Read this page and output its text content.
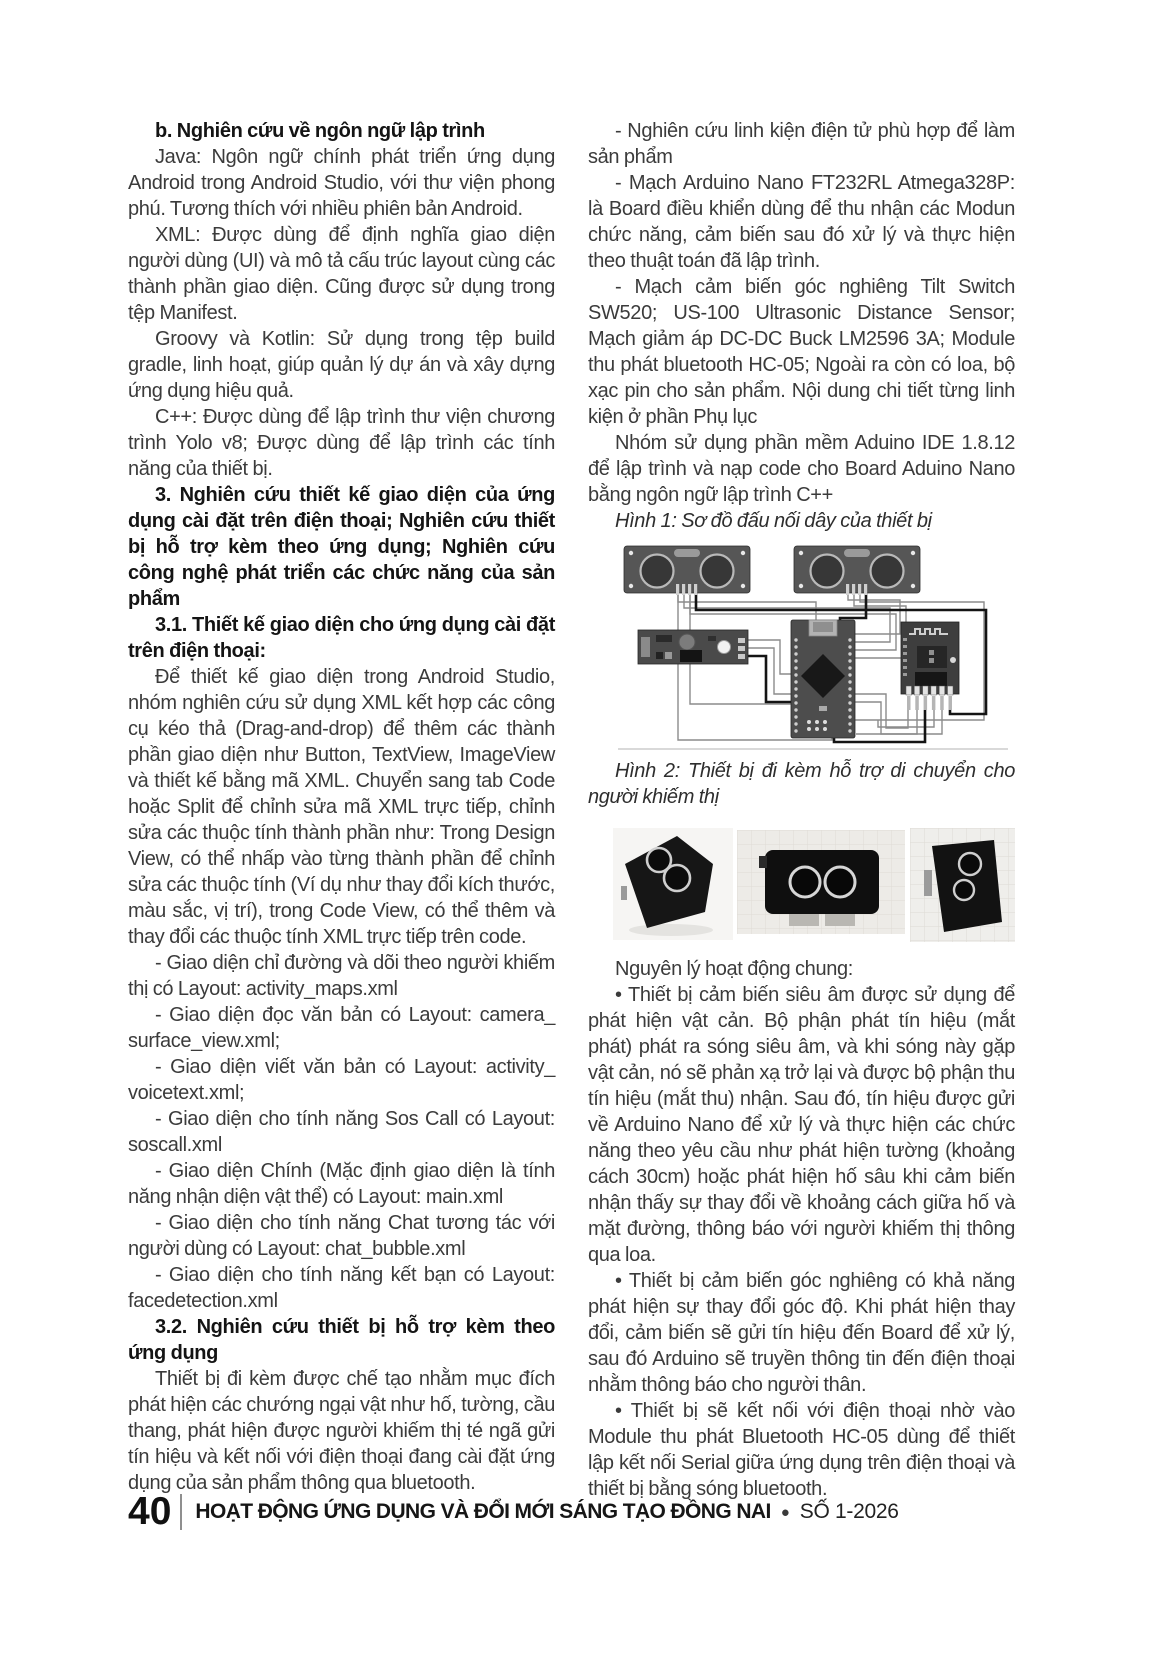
b. Nghiên cứu về ngôn ngữ lập trình

Java: Ngôn ngữ chính phát triển ứng dụng Android trong Android Studio, với thư viện phong phú. Tương thích với nhiều phiên bản Android.

XML: Được dùng để định nghĩa giao diện người dùng (UI) và mô tả cấu trúc layout cùng các thành phần giao diện. Cũng được sử dụng trong tệp Manifest.

Groovy và Kotlin: Sử dụng trong tệp build gradle, linh hoạt, giúp quản lý dự án và xây dựng ứng dụng hiệu quả.

C++: Được dùng để lập trình thư viện chương trình Yolo v8; Được dùng để lập trình các tính năng của thiết bị.

3. Nghiên cứu thiết kế giao diện của ứng dụng cài đặt trên điện thoại; Nghiên cứu thiết bị hỗ trợ kèm theo ứng dụng; Nghiên cứu công nghệ phát triển các chức năng của sản phẩm

3.1. Thiết kế giao diện cho ứng dụng cài đặt trên điện thoại:

Để thiết kế giao diện trong Android Studio, nhóm nghiên cứu sử dụng XML kết hợp các công cụ kéo thả (Drag-and-drop) để thêm các thành phần giao diện như Button, TextView, ImageView và thiết kế bằng mã XML. Chuyển sang tab Code hoặc Split để chỉnh sửa mã XML trực tiếp, chỉnh sửa các thuộc tính thành phần như: Trong Design View, có thể nhấp vào từng thành phần để chỉnh sửa các thuộc tính (Ví dụ như thay đổi kích thước, màu sắc, vị trí), trong Code View, có thể thêm và thay đổi các thuộc tính XML trực tiếp trên code.

- Giao diện chỉ đường và dõi theo người khiếm thị có Layout: activity_maps.xml

- Giao diện đọc văn bản có Layout: camera_ surface_view.xml;

- Giao diện viết văn bản có Layout: activity_ voicetext.xml;

- Giao diện cho tính năng Sos Call có Layout: soscall.xml

- Giao diện Chính (Mặc định giao diện là tính năng nhận diện vật thể) có Layout: main.xml

- Giao diện cho tính năng Chat tương tác với người dùng có Layout: chat_bubble.xml

- Giao diện cho tính năng kết bạn có Layout: facedetection.xml

3.2. Nghiên cứu thiết bị hỗ trợ kèm theo ứng dụng

Thiết bị đi kèm được chế tạo nhằm mục đích phát hiện các chướng ngại vật như hố, tường, cầu thang, phát hiện được người khiếm thị té ngã gửi tín hiệu và kết nối với điện thoại đang cài đặt ứng dụng của sản phẩm thông qua bluetooth.

- Nghiên cứu linh kiện điện tử phù hợp để làm sản phẩm

- Mạch Arduino Nano FT232RL Atmega328P: là Board điều khiển dùng để thu nhận các Modun chức năng, cảm biến sau đó xử lý và thực hiện theo thuật toán đã lập trình.

- Mạch cảm biến góc nghiêng Tilt Switch SW520; US-100 Ultrasonic Distance Sensor; Mạch giảm áp DC-DC Buck LM2596 3A; Module thu phát bluetooth HC-05; Ngoài ra còn có loa, bộ xạc pin cho sản phẩm. Nội dung chi tiết từng linh kiện ở phần Phụ lục

Nhóm sử dụng phần mềm Aduino IDE 1.8.12 để lập trình và nạp code cho Board Aduino Nano bằng ngôn ngữ lập trình C++

Hình 1: Sơ đồ đấu nối dây của thiết bị

Hình 2: Thiết bị đi kèm hỗ trợ di chuyển cho người khiếm thị

Nguyên lý hoạt động chung:

• Thiết bị cảm biến siêu âm được sử dụng để phát hiện vật cản. Bộ phận phát tín hiệu (mắt phát) phát ra sóng siêu âm, và khi sóng này gặp vật cản, nó sẽ phản xạ trở lại và được bộ phận thu tín hiệu (mắt thu) nhận. Sau đó, tín hiệu được gửi về Arduino Nano để xử lý và thực hiện các chức năng theo yêu cầu như phát hiện tường (khoảng cách 30cm) hoặc phát hiện hố sâu khi cảm biến nhận thấy sự thay đổi về khoảng cách giữa hố và mặt đường, thông báo với người khiếm thị thông qua loa.

• Thiết bị cảm biến góc nghiêng có khả năng phát hiện sự thay đổi góc độ. Khi phát hiện thay đổi, cảm biến sẽ gửi tín hiệu đến Board để xử lý, sau đó Arduino sẽ truyền thông tin đến điện thoại nhằm thông báo cho người thân.

• Thiết bị sẽ kết nối với điện thoại nhờ vào Module thu phát Bluetooth HC-05 dùng để thiết lập kết nối Serial giữa ứng dụng trên điện thoại và thiết bị bằng sóng bluetooth.

40 HOẠT ĐỘNG ỨNG DỤNG VÀ ĐỔI MỚI SÁNG TẠO ĐỒNG NAI ● SỐ 1-2026
